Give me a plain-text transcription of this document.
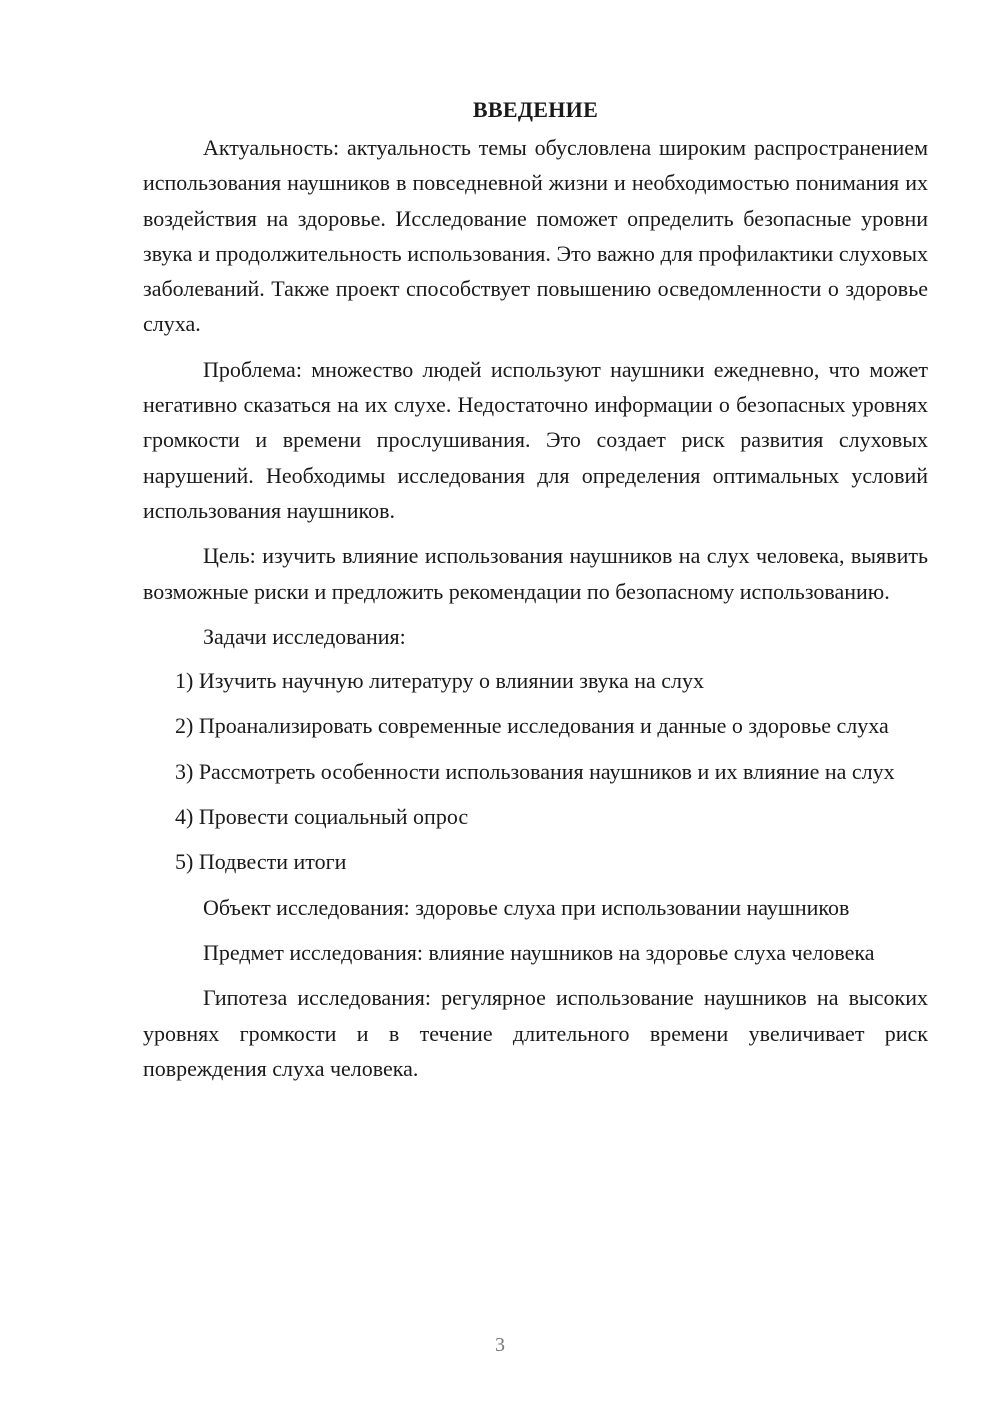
ВВЕДЕНИЕ

Актуальность: актуальность темы обусловлена широким распространением использования наушников в повседневной жизни и необходимостью понимания их воздействия на здоровье. Исследование поможет определить безопасные уровни звука и продолжительность использования. Это важно для профилактики слуховых заболеваний. Также проект способствует повышению осведомленности о здоровье слуха.

Проблема: множество людей используют наушники ежедневно, что может негативно сказаться на их слухе. Недостаточно информации о безопасных уровнях громкости и времени прослушивания. Это создает риск развития слуховых нарушений. Необходимы исследования для определения оптимальных условий использования наушников.

Цель: изучить влияние использования наушников на слух человека, выявить возможные риски и предложить рекомендации по безопасному использованию.

Задачи исследования:

1) Изучить научную литературу о влиянии звука на слух

2) Проанализировать современные исследования и данные о здоровье слуха

3) Рассмотреть особенности использования наушников и их влияние на слух

4) Провести социальный опрос

5) Подвести итоги

Объект исследования: здоровье слуха при использовании наушников

Предмет исследования: влияние наушников на здоровье слуха человека

Гипотеза исследования: регулярное использование наушников на высоких уровнях громкости и в течение длительного времени увеличивает риск повреждения слуха человека.

3
